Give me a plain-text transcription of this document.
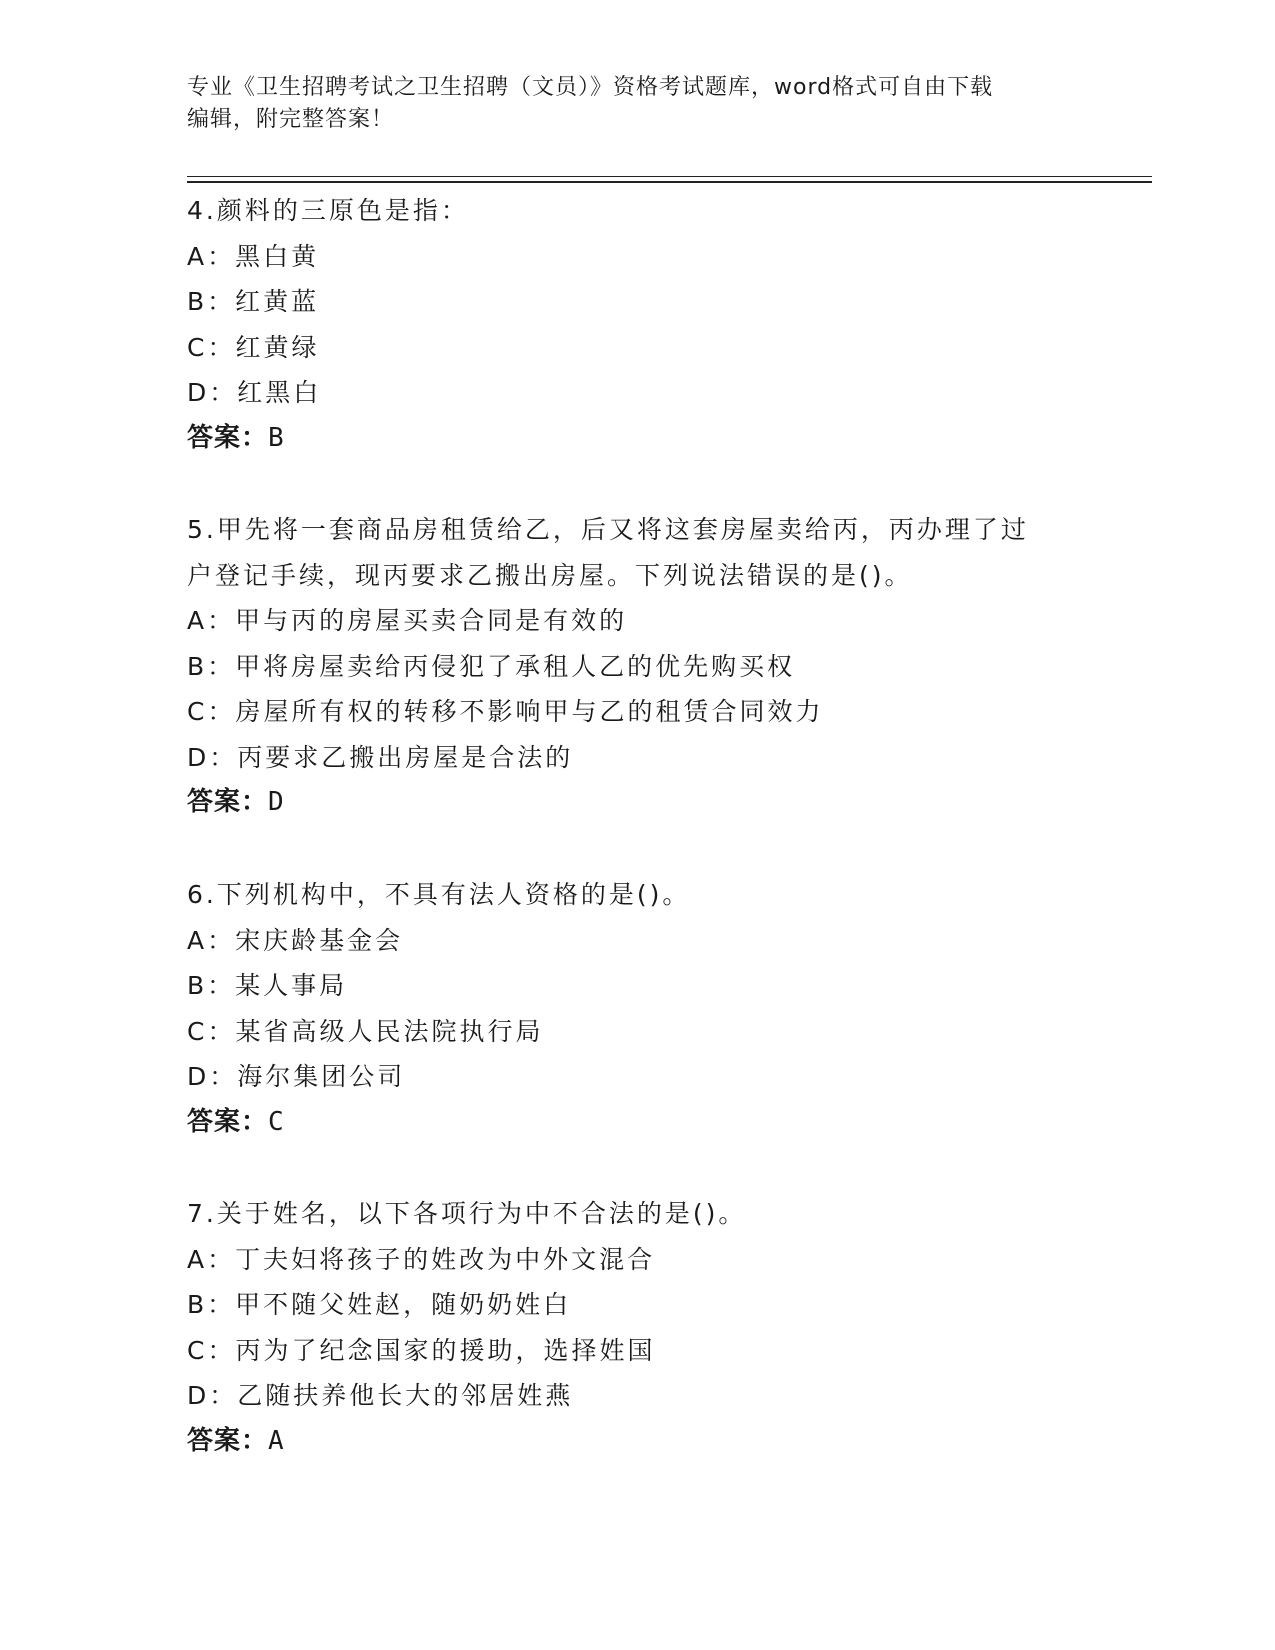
专业《卫生招聘考试之卫生招聘（文员）》资格考试题库，word格式可自由下载
编辑，附完整答案！
4.颜料的三原色是指：
A：黑白黄
B：红黄蓝
C：红黄绿
D：红黑白
答案：B
5.甲先将一套商品房租赁给乙，后又将这套房屋卖给丙，丙办理了过
户登记手续，现丙要求乙搬出房屋。下列说法错误的是()。
A：甲与丙的房屋买卖合同是有效的
B：甲将房屋卖给丙侵犯了承租人乙的优先购买权
C：房屋所有权的转移不影响甲与乙的租赁合同效力
D：丙要求乙搬出房屋是合法的
答案：D
6.下列机构中，不具有法人资格的是()。
A：宋庆龄基金会
B：某人事局
C：某省高级人民法院执行局
D：海尔集团公司
答案：C
7.关于姓名，以下各项行为中不合法的是()。
A：丁夫妇将孩子的姓改为中外文混合
B：甲不随父姓赵，随奶奶姓白
C：丙为了纪念国家的援助，选择姓国
D：乙随扶养他长大的邻居姓燕
答案：A
